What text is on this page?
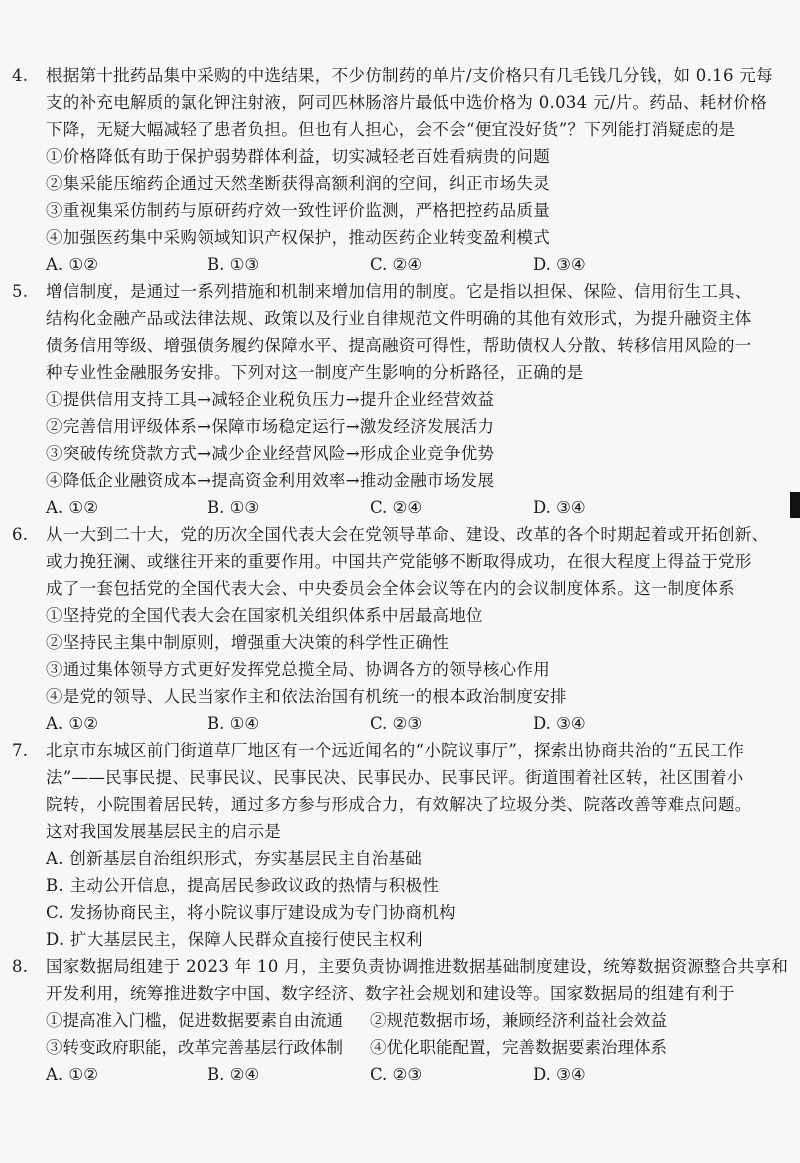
4. 根据第十批药品集中采购的中选结果，不少仿制药的单片/支价格只有几毛钱几分钱，如 0.16 元每
支的补充电解质的氯化钾注射液，阿司匹林肠溶片最低中选价格为 0.034 元/片。药品、耗材价格
下降，无疑大幅减轻了患者负担。但也有人担心，会不会“便宜没好货”？下列能打消疑虑的是
①价格降低有助于保护弱势群体利益，切实减轻老百姓看病贵的问题
②集采能压缩药企通过天然垄断获得高额利润的空间，纠正市场失灵
③重视集采仿制药与原研药疗效一致性评价监测，严格把控药品质量
④加强医药集中采购领域知识产权保护，推动医药企业转变盈利模式
A. ①②	B. ①③	C. ②④	D. ③④
5. 增信制度，是通过一系列措施和机制来增加信用的制度。它是指以担保、保险、信用衍生工具、
结构化金融产品或法律法规、政策以及行业自律规范文件明确的其他有效形式，为提升融资主体
债务信用等级、增强债务履约保障水平、提高融资可得性，帮助债权人分散、转移信用风险的一
种专业性金融服务安排。下列对这一制度产生影响的分析路径，正确的是
①提供信用支持工具→减轻企业税负压力→提升企业经营效益
②完善信用评级体系→保障市场稳定运行→激发经济发展活力
③突破传统贷款方式→减少企业经营风险→形成企业竞争优势
④降低企业融资成本→提高资金利用效率→推动金融市场发展
A. ①②	B. ①③	C. ②④	D. ③④
6. 从一大到二十大，党的历次全国代表大会在党领导革命、建设、改革的各个时期起着或开拓创新、
或力挽狂澜、或继往开来的重要作用。中国共产党能够不断取得成功，在很大程度上得益于党形
成了一套包括党的全国代表大会、中央委员会全体会议等在内的会议制度体系。这一制度体系
①坚持党的全国代表大会在国家机关组织体系中居最高地位
②坚持民主集中制原则，增强重大决策的科学性正确性
③通过集体领导方式更好发挥党总揽全局、协调各方的领导核心作用
④是党的领导、人民当家作主和依法治国有机统一的根本政治制度安排
A. ①②	B. ①④	C. ②③	D. ③④
7. 北京市东城区前门街道草厂地区有一个远近闻名的“小院议事厅”，探索出协商共治的“五民工作
法”——民事民提、民事民议、民事民决、民事民办、民事民评。街道围着社区转，社区围着小
院转，小院围着居民转，通过多方参与形成合力，有效解决了垃圾分类、院落改善等难点问题。
这对我国发展基层民主的启示是
A. 创新基层自治组织形式，夯实基层民主自治基础
B. 主动公开信息，提高居民参政议政的热情与积极性
C. 发扬协商民主，将小院议事厅建设成为专门协商机构
D. 扩大基层民主，保障人民群众直接行使民主权利
8. 国家数据局组建于 2023 年 10 月，主要负责协调推进数据基础制度建设，统筹数据资源整合共享和
开发利用，统筹推进数字中国、数字经济、数字社会规划和建设等。国家数据局的组建有利于
①提高准入门槛，促进数据要素自由流通 ②规范数据市场，兼顾经济利益社会效益
③转变政府职能，改革完善基层行政体制 ④优化职能配置，完善数据要素治理体系
A. ①②	B. ②④	C. ②③	D. ③④
